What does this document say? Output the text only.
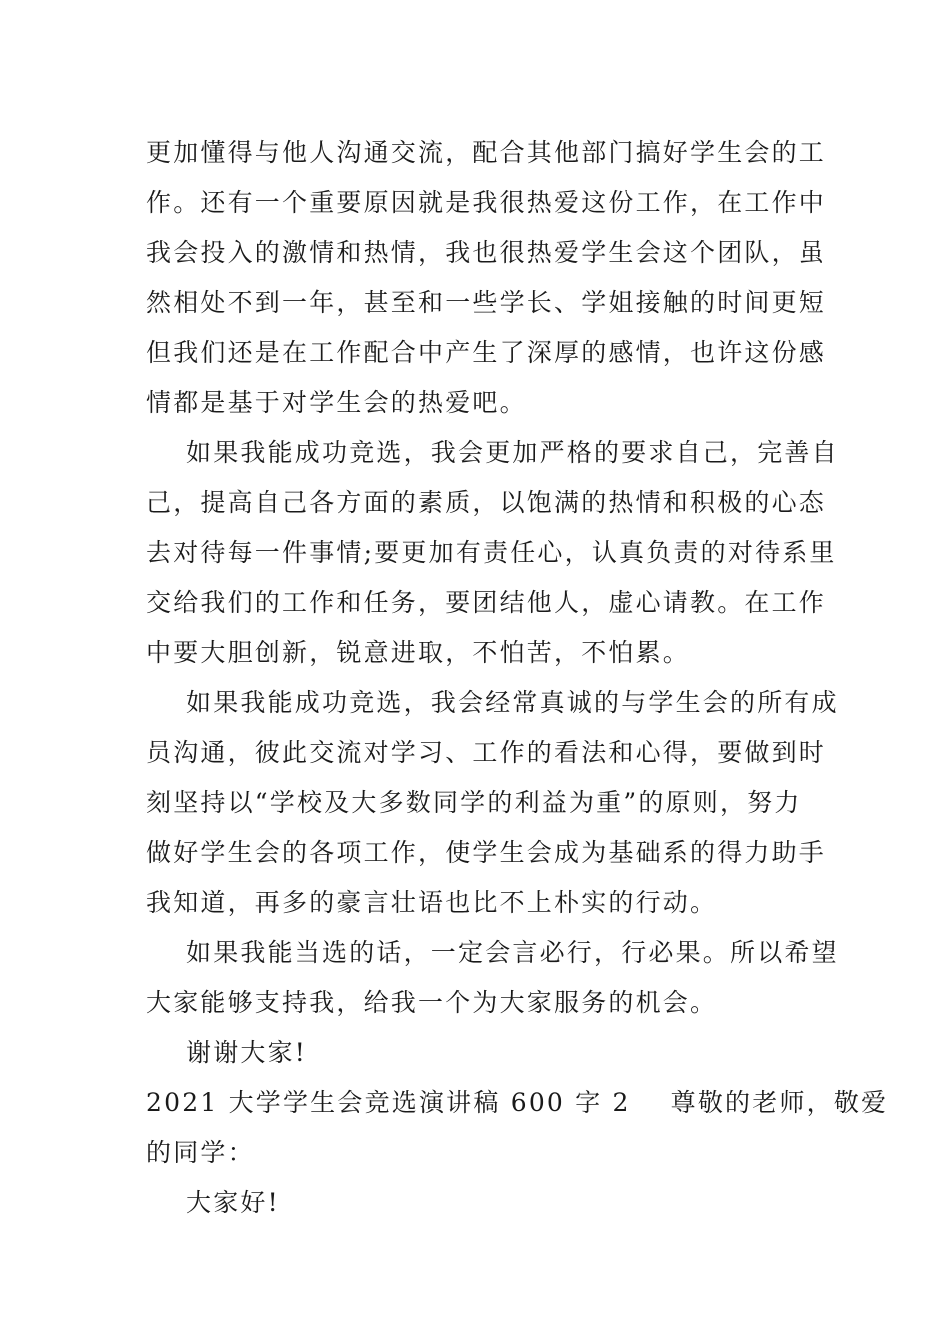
更加懂得与他人沟通交流，配合其他部门搞好学生会的工
作。还有一个重要原因就是我很热爱这份工作，在工作中
我会投入的激情和热情，我也很热爱学生会这个团队，虽
然相处不到一年，甚至和一些学长、学姐接触的时间更短
但我们还是在工作配合中产生了深厚的感情，也许这份感
情都是基于对学生会的热爱吧。
如果我能成功竞选，我会更加严格的要求自己，完善自
己，提高自己各方面的素质，以饱满的热情和积极的心态
去对待每一件事情;要更加有责任心，认真负责的对待系里
交给我们的工作和任务，要团结他人，虚心请教。在工作
中要大胆创新，锐意进取，不怕苦，不怕累。
如果我能成功竞选，我会经常真诚的与学生会的所有成
员沟通，彼此交流对学习、工作的看法和心得，要做到时
刻坚持以“学校及大多数同学的利益为重”的原则，努力
做好学生会的各项工作，使学生会成为基础系的得力助手
我知道，再多的豪言壮语也比不上朴实的行动。
如果我能当选的话，一定会言必行，行必果。所以希望
大家能够支持我，给我一个为大家服务的机会。
谢谢大家!
2021 大学学生会竞选演讲稿 600 字 2 尊敬的老师，敬爱
的同学：
大家好!
